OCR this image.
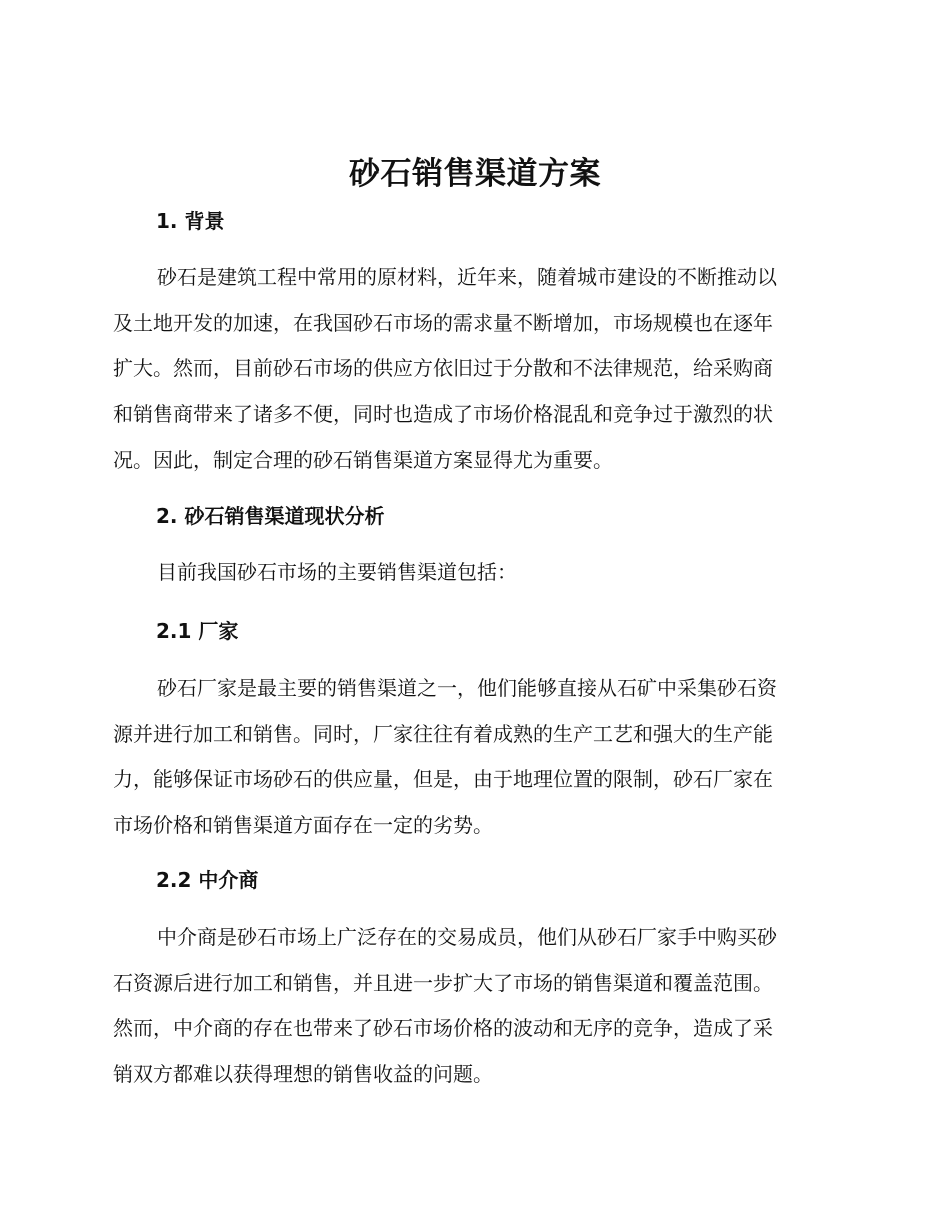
砂石销售渠道方案
1. 背景
砂石是建筑工程中常用的原材料，近年来，随着城市建设的不断推动以
及土地开发的加速，在我国砂石市场的需求量不断增加，市场规模也在逐年
扩大。然而，目前砂石市场的供应方依旧过于分散和不法律规范，给采购商
和销售商带来了诸多不便，同时也造成了市场价格混乱和竞争过于激烈的状
况。因此，制定合理的砂石销售渠道方案显得尤为重要。
2. 砂石销售渠道现状分析
目前我国砂石市场的主要销售渠道包括：
2.1 厂家
砂石厂家是最主要的销售渠道之一，他们能够直接从石矿中采集砂石资
源并进行加工和销售。同时，厂家往往有着成熟的生产工艺和强大的生产能
力，能够保证市场砂石的供应量，但是，由于地理位置的限制，砂石厂家在
市场价格和销售渠道方面存在一定的劣势。
2.2 中介商
中介商是砂石市场上广泛存在的交易成员，他们从砂石厂家手中购买砂
石资源后进行加工和销售，并且进一步扩大了市场的销售渠道和覆盖范围。
然而，中介商的存在也带来了砂石市场价格的波动和无序的竞争，造成了采
销双方都难以获得理想的销售收益的问题。
